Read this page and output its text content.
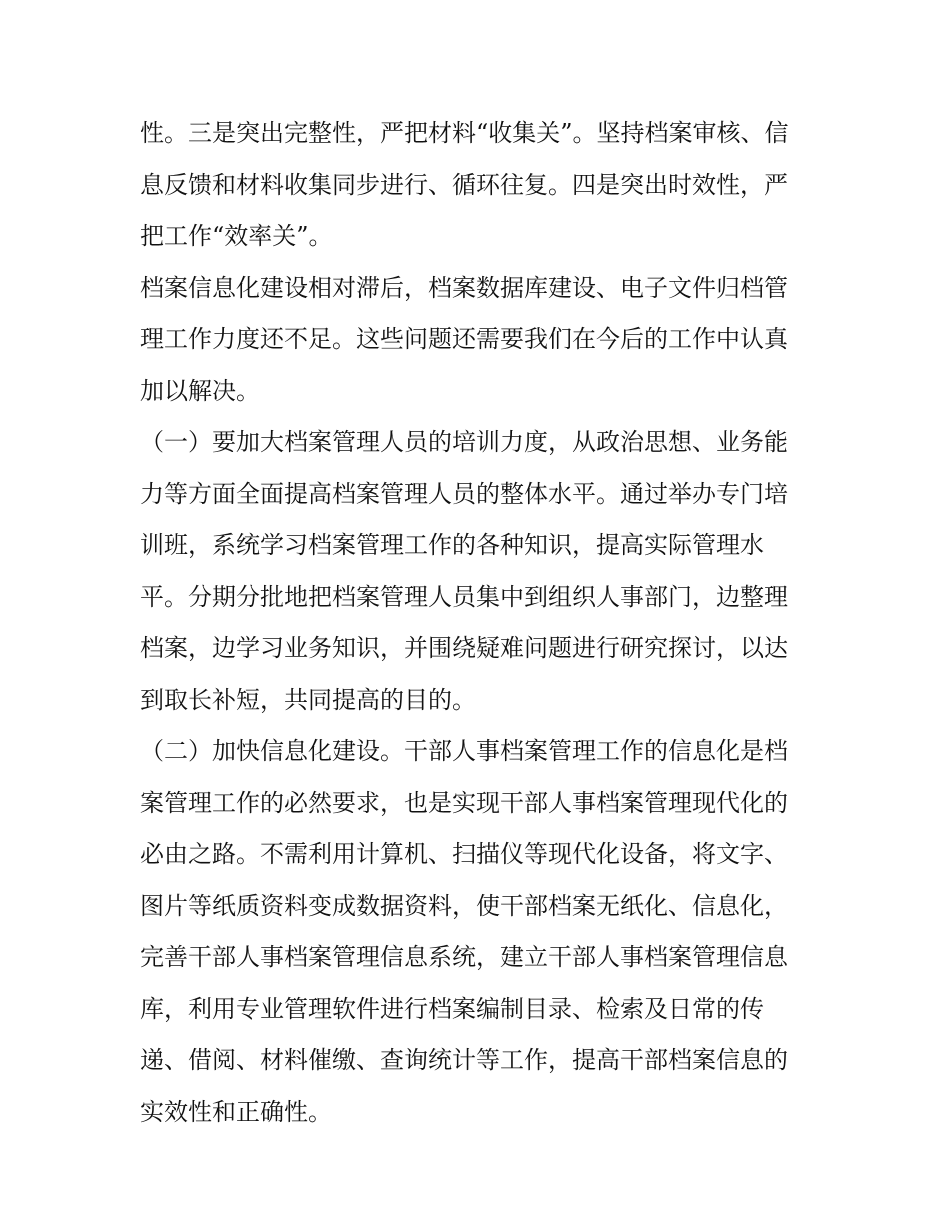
性。三是突出完整性，严把材料“收集关”。坚持档案审核、信
息反馈和材料收集同步进行、循环往复。四是突出时效性，严
把工作“效率关”。
档案信息化建设相对滞后，档案数据库建设、电子文件归档管
理工作力度还不足。这些问题还需要我们在今后的工作中认真
加以解决。
（一）要加大档案管理人员的培训力度，从政治思想、业务能
力等方面全面提高档案管理人员的整体水平。通过举办专门培
训班，系统学习档案管理工作的各种知识，提高实际管理水
平。分期分批地把档案管理人员集中到组织人事部门，边整理
档案，边学习业务知识，并围绕疑难问题进行研究探讨，以达
到取长补短，共同提高的目的。
（二）加快信息化建设。干部人事档案管理工作的信息化是档
案管理工作的必然要求，也是实现干部人事档案管理现代化的
必由之路。不需利用计算机、扫描仪等现代化设备，将文字、
图片等纸质资料变成数据资料，使干部档案无纸化、信息化，
完善干部人事档案管理信息系统，建立干部人事档案管理信息
库，利用专业管理软件进行档案编制目录、检索及日常的传
递、借阅、材料催缴、查询统计等工作，提高干部档案信息的
实效性和正确性。
